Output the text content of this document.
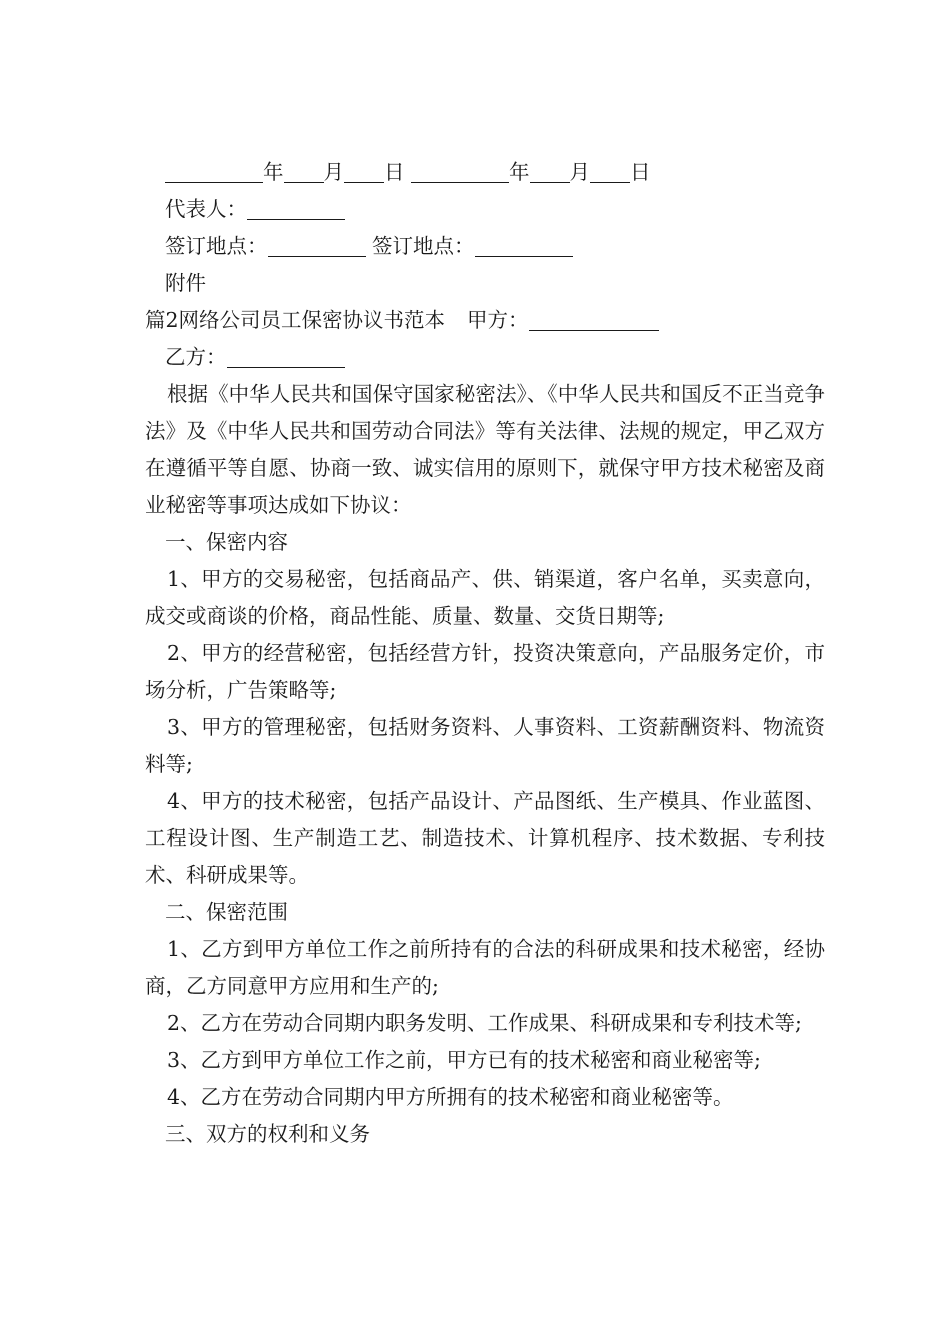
年 月 日	年 月 日

代表人：

签订地点：	签订地点：

附件

篇2网络公司员工保密协议书范本 甲方：

乙方：

根据《中华人民共和国保守国家秘密法》、《中华人民共和国反不正当竞争法》及《中华人民共和国劳动合同法》等有关法律、法规的规定，甲乙双方在遵循平等自愿、协商一致、诚实信用的原则下，就保守甲方技术秘密及商业秘密等事项达成如下协议：

一、保密内容

1、甲方的交易秘密，包括商品产、供、销渠道，客户名单，买卖意向，成交或商谈的价格，商品性能、质量、数量、交货日期等;

2、甲方的经营秘密，包括经营方针，投资决策意向，产品服务定价，市场分析，广告策略等;

3、甲方的管理秘密，包括财务资料、人事资料、工资薪酬资料、物流资料等;

4、甲方的技术秘密，包括产品设计、产品图纸、生产模具、作业蓝图、工程设计图、生产制造工艺、制造技术、计算机程序、技术数据、专利技术、科研成果等。

二、保密范围

1、乙方到甲方单位工作之前所持有的合法的科研成果和技术秘密，经协商，乙方同意甲方应用和生产的;

2、乙方在劳动合同期内职务发明、工作成果、科研成果和专利技术等;

3、乙方到甲方单位工作之前，甲方已有的技术秘密和商业秘密等;

4、乙方在劳动合同期内甲方所拥有的技术秘密和商业秘密等。

三、双方的权利和义务
